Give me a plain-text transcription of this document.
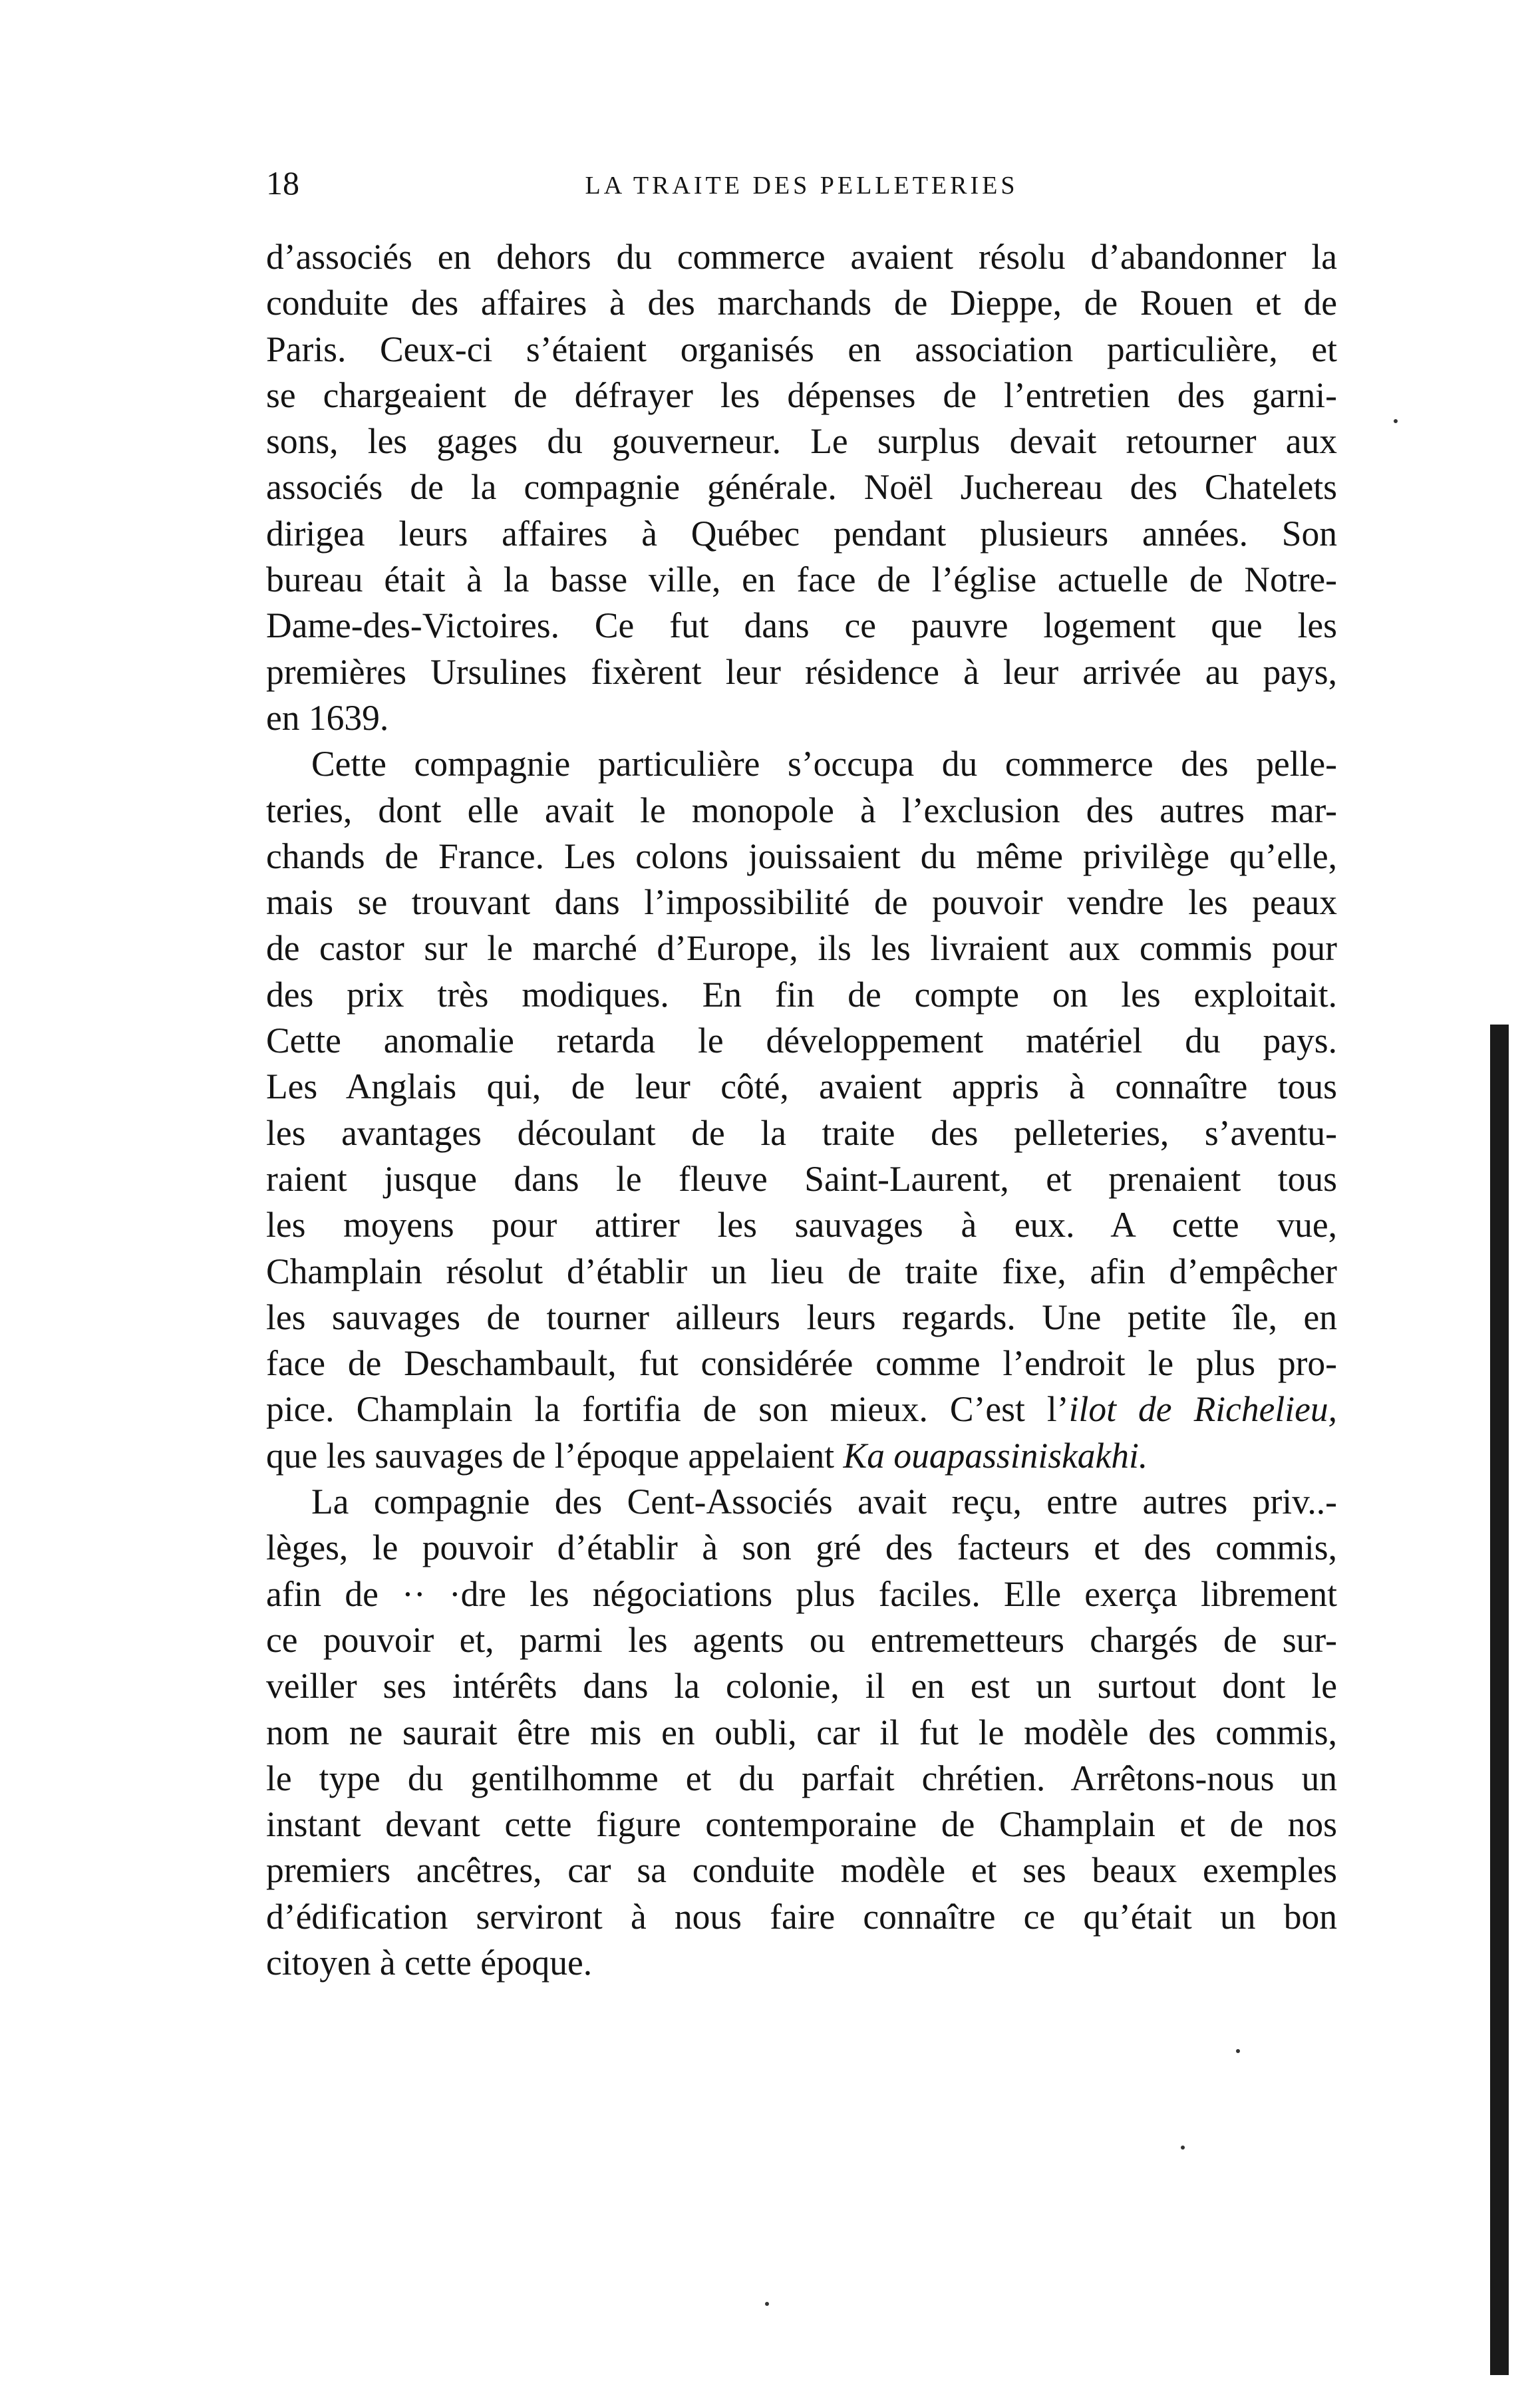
18	LA TRAITE DES PELLETERIES
d’associés en dehors du commerce avaient résolu d’abandonner la
conduite des affaires à des marchands de Dieppe, de Rouen et de
Paris. Ceux-ci s’étaient organisés en association particulière, et
se chargeaient de défrayer les dépenses de l’entretien des garni-
sons, les gages du gouverneur. Le surplus devait retourner aux
associés de la compagnie générale. Noël Juchereau des Chatelets
dirigea leurs affaires à Québec pendant plusieurs années. Son
bureau était à la basse ville, en face de l’église actuelle de Notre-
Dame-des-Victoires. Ce fut dans ce pauvre logement que les
premières Ursulines fixèrent leur résidence à leur arrivée au pays,
en 1639.
Cette compagnie particulière s’occupa du commerce des pelle-
teries, dont elle avait le monopole à l’exclusion des autres mar-
chands de France. Les colons jouissaient du même privilège qu’elle,
mais se trouvant dans l’impossibilité de pouvoir vendre les peaux
de castor sur le marché d’Europe, ils les livraient aux commis pour
des prix très modiques. En fin de compte on les exploitait.
Cette anomalie retarda le développement matériel du pays.
Les Anglais qui, de leur côté, avaient appris à connaître tous
les avantages découlant de la traite des pelleteries, s’aventu-
raient jusque dans le fleuve Saint-Laurent, et prenaient tous
les moyens pour attirer les sauvages à eux. A cette vue,
Champlain résolut d’établir un lieu de traite fixe, afin d’empêcher
les sauvages de tourner ailleurs leurs regards. Une petite île, en
face de Deschambault, fut considérée comme l’endroit le plus pro-
pice. Champlain la fortifia de son mieux. C’est l’ilot de Richelieu,
que les sauvages de l’époque appelaient Ka ouapassiniskakhi.
La compagnie des Cent-Associés avait reçu, entre autres priv..-
lèges, le pouvoir d’établir à son gré des facteurs et des commis,
afin de ·· ·dre les négociations plus faciles. Elle exerça librement
ce pouvoir et, parmi les agents ou entremetteurs chargés de sur-
veiller ses intérêts dans la colonie, il en est un surtout dont le
nom ne saurait être mis en oubli, car il fut le modèle des commis,
le type du gentilhomme et du parfait chrétien. Arrêtons-nous un
instant devant cette figure contemporaine de Champlain et de nos
premiers ancêtres, car sa conduite modèle et ses beaux exemples
d’édification serviront à nous faire connaître ce qu’était un bon
citoyen à cette époque.
